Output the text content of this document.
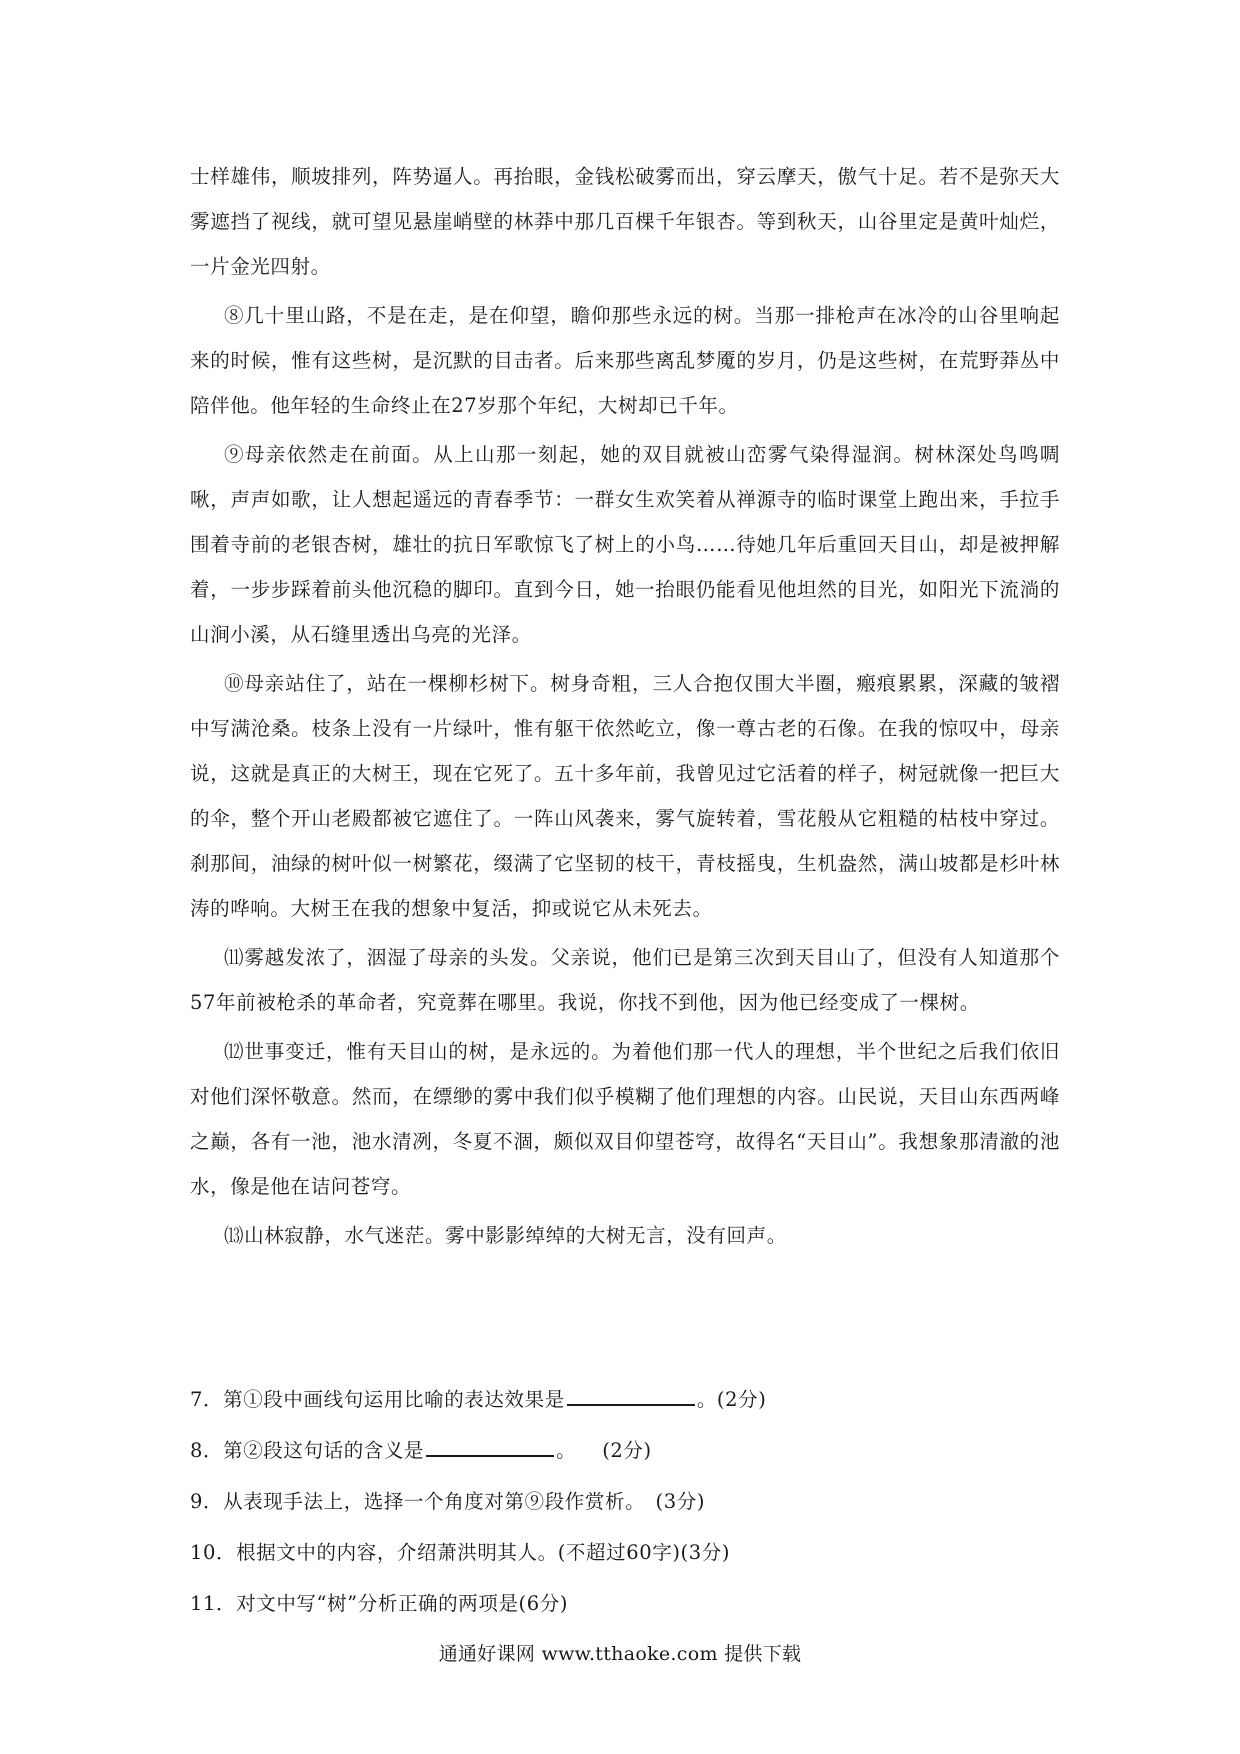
士样雄伟，顺坡排列，阵势逼人。再抬眼，金钱松破雾而出，穿云摩天，傲气十足。若不是弥天大雾遮挡了视线，就可望见悬崖峭壁的林莽中那几百棵千年银杏。等到秋天，山谷里定是黄叶灿烂，一片金光四射。

⑧几十里山路，不是在走，是在仰望，瞻仰那些永远的树。当那一排枪声在冰冷的山谷里响起来的时候，惟有这些树，是沉默的目击者。后来那些离乱梦魇的岁月，仍是这些树，在荒野莽丛中陪伴他。他年轻的生命终止在27岁那个年纪，大树却已千年。

⑨母亲依然走在前面。从上山那一刻起，她的双目就被山峦雾气染得湿润。树林深处鸟鸣啁啾，声声如歌，让人想起遥远的青春季节：一群女生欢笑着从禅源寺的临时课堂上跑出来，手拉手围着寺前的老银杏树，雄壮的抗日军歌惊飞了树上的小鸟……待她几年后重回天目山，却是被押解着，一步步踩着前头他沉稳的脚印。直到今日，她一抬眼仍能看见他坦然的目光，如阳光下流淌的山涧小溪，从石缝里透出乌亮的光泽。

⑩母亲站住了，站在一棵柳杉树下。树身奇粗，三人合抱仅围大半圈，瘢痕累累，深藏的皱褶中写满沧桑。枝条上没有一片绿叶，惟有躯干依然屹立，像一尊古老的石像。在我的惊叹中，母亲说，这就是真正的大树王，现在它死了。五十多年前，我曾见过它活着的样子，树冠就像一把巨大的伞，整个开山老殿都被它遮住了。一阵山风袭来，雾气旋转着，雪花般从它粗糙的枯枝中穿过。刹那间，油绿的树叶似一树繁花，缀满了它坚韧的枝干，青枝摇曳，生机盎然，满山坡都是杉叶林涛的哗响。大树王在我的想象中复活，抑或说它从未死去。

⑾雾越发浓了，洇湿了母亲的头发。父亲说，他们已是第三次到天目山了，但没有人知道那个57年前被枪杀的革命者，究竟葬在哪里。我说，你找不到他，因为他已经变成了一棵树。

⑿世事变迁，惟有天目山的树，是永远的。为着他们那一代人的理想，半个世纪之后我们依旧对他们深怀敬意。然而，在缥缈的雾中我们似乎模糊了他们理想的内容。山民说，天目山东西两峰之巅，各有一池，池水清冽，冬夏不涸，颇似双目仰望苍穹，故得名“天目山”。我想象那清澈的池水，像是他在诘问苍穹。

⒀山林寂静，水气迷茫。雾中影影绰绰的大树无言，没有回声。

7．第①段中画线句运用比喻的表达效果是	。(2分)

8．第②段这句话的含义是	。 (2分)

9．从表现手法上，选择一个角度对第⑨段作赏析。　(3分)

10．根据文中的内容，介绍萧洪明其人。(不超过60字)(3分)

11．对文中写“树”分析正确的两项是(6分)

通通好课网 www.tthaoke.com 提供下载
